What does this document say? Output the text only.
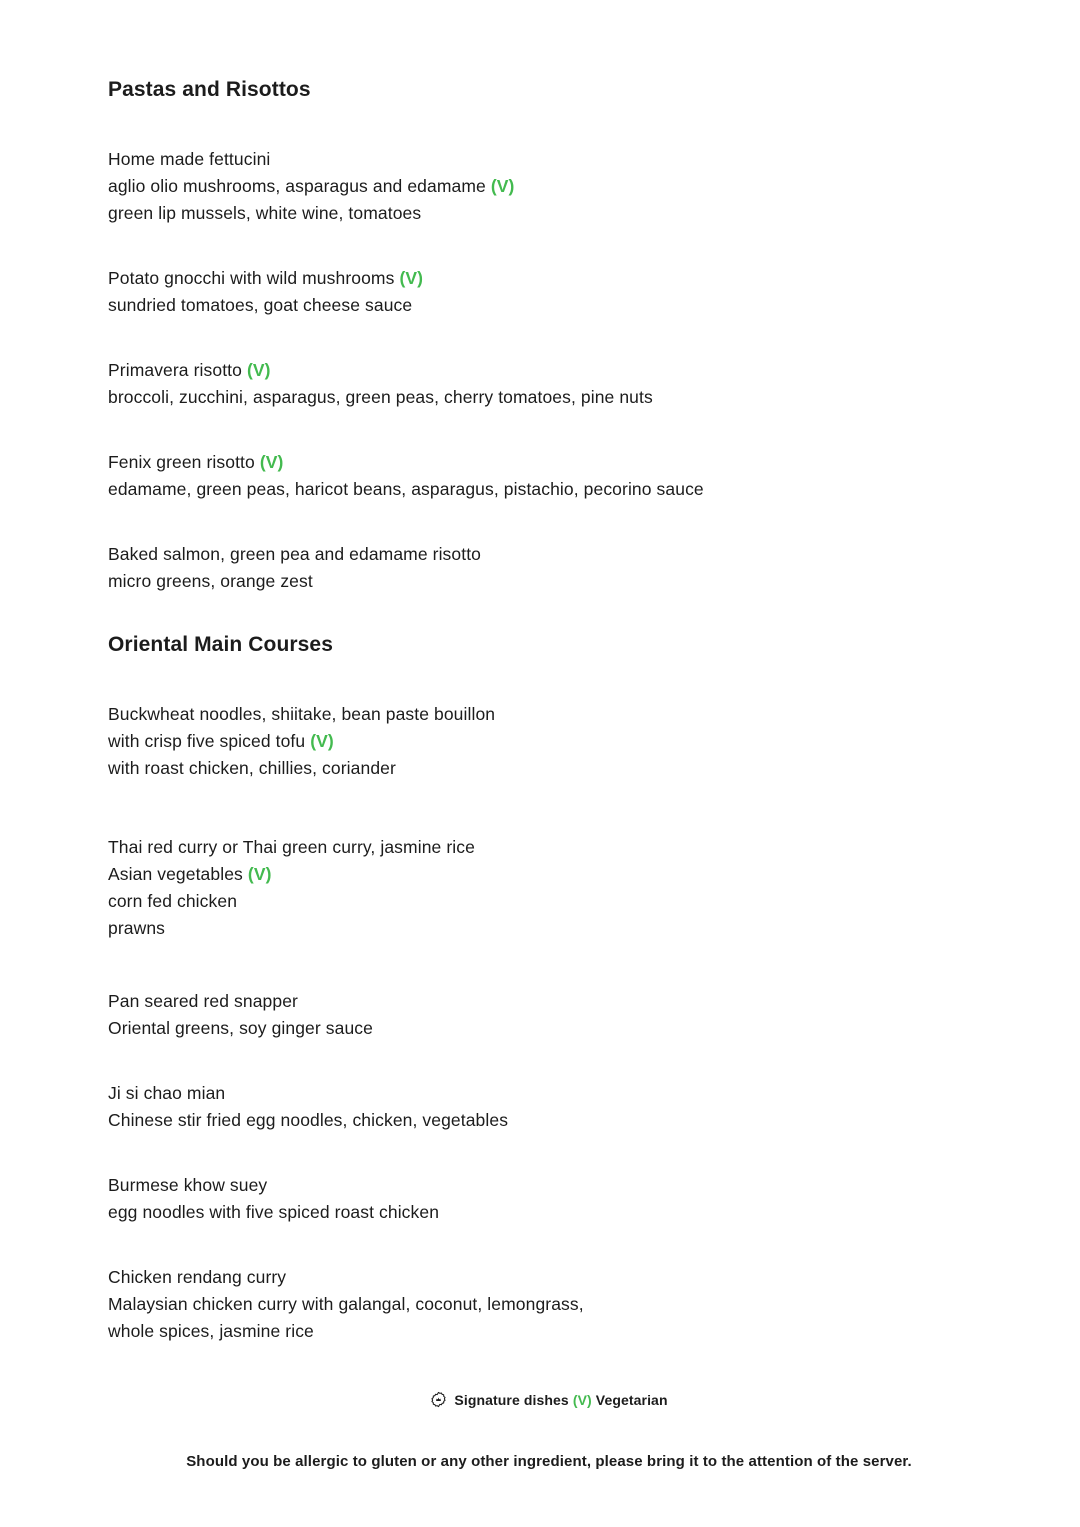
Pastas and Risottos

Home made fettucini

aglio olio mushrooms, asparagus and edamame (V)

green lip mussels, white wine, tomatoes

Potato gnocchi with wild mushrooms (V)

sundried tomatoes, goat cheese sauce

Primavera risotto (V)

broccoli, zucchini, asparagus, green peas, cherry tomatoes, pine nuts

Fenix green risotto (V)

edamame, green peas, haricot beans, asparagus, pistachio, pecorino sauce

Baked salmon, green pea and edamame risotto

micro greens, orange zest

Oriental Main Courses

Buckwheat noodles, shiitake, bean paste bouillon

with crisp five spiced tofu (V)

with roast chicken, chillies, coriander

Thai red curry or Thai green curry, jasmine rice

Asian vegetables (V)

corn fed chicken

prawns

Pan seared red snapper

Oriental greens, soy ginger sauce

Ji si chao mian

Chinese stir fried egg noodles, chicken, vegetables

Burmese khow suey

egg noodles with five spiced roast chicken

Chicken rendang curry

Malaysian chicken curry with galangal, coconut, lemongrass,

whole spices, jasmine rice

Signature dishes (V) Vegetarian
Should you be allergic to gluten or any other ingredient, please bring it to the attention of the server.
